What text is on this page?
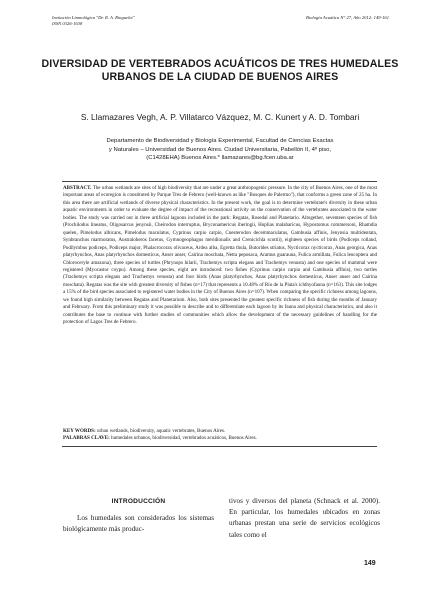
Invitación Limnológica "Dr. R. A. Ringuelet"
ISSN 0326-1638
Biología Acuática N° 27, Año 2012: 149-161
DIVERSIDAD DE VERTEBRADOS ACUÁTICOS DE TRES HUMEDALES URBANOS DE LA CIUDAD DE BUENOS AIRES
S. Llamazares Vegh, A. P. Villatarco Vázquez, M. C. Kunert y A. D. Tombari
Departamento de Biodiversidad y Biología Experimental, Facultad de Ciencias Exactas
y Naturales – Universidad de Buenos Aires. Ciudad Universitaria, Pabellón II, 4º piso,
(C1428EHA) Buenos Aires.* llamazares@bg.fcen.uba.ar
ABSTRACT. The urban wetlands are sites of high biodiversity that are under a great anthropogenic pressure. In the city of Buenos Aires, one of the most important areas of ecoregion is constituted by Parque Tres de Febrero (well-known as like "Bosques de Palermo"), that conforms a green zone of 25 ha. In this area there are artificial wetlands of diverse physical characteristics. In the present work, the goal is to determine vertebrate's diversity in these urban aquatic environments in order to evaluate the degree of impact of the recreational activity on the conservation of the vertebrates associated to the water bodies. The study was carried out in three artificial lagoons included in the park: Regatas, Rosedal and Planetario. Altogether, seventeen species of fish (Prochilodus lineatus, Oligosarcus jenynsii, Cheirodon interruptus, Bryconamericus iheringii, Hoplias malabaricus, Hypostomus commersoni, Rhamdia quelen, Pimelodus albicans, Pimelodus maculatus, Cyprinus carpio carpio, Cnesterodon decemmaculatus, Gambusia affinis, Jenynsia multidentata, Synbranchus marmoratus, Australoheros facetus, Gymnogeophagus meridionalis and Crenicichla scottii), eighteen species of birds (Podiceps rolland, Podilymbus podiceps, Podiceps major, Phalacrocorax olivaceus, Ardea alba, Egretta thula, Butorides striatus, Nycticorax nycticorax, Anas georgica, Anas platyrhynchos, Anas platyrhynchos domesticus, Anser anser, Cairina moschata, Netta peposaca, Aramus guarauna, Fulica armillata, Fulica leucoptera and Chloroceryle amazona), three species of turtles (Phrynops hilarii, Trachemys scripta elegans and Trachemys venusta) and one species of mammal were registered (Myocastor coypu). Among these species, eight are introduced: two fishes (Cyprinus carpio carpio and Gambusia affinis), two turtles (Trachemys scripta elegans and Trachemys venusta) and four birds (Anas platyrhynchos, Anas platyrhynchos domesticus, Anser anser and Cairina moschata). Regatas was the site with greatest diversity of fishes (n=17) that represents a 10.48% of Río de la Plata's ichthyofauna (n=163). This site lodges a 15% of the bird species associated to registered water bodies in the City of Buenos Aires (n=107). When comparing the specific richness among lagoons, we found high similarity between Regatas and Planetarium. Also, both sites presented the greatest specific richness of fish during the months of January and February. From this preliminary study it was possible to describe and to differentiate each lagoon by its fauna and physical characteristics, and also it contributes the base to continue with further studies of communities which allow the development of the necessary guidelines of handling for the protection of Lagos Tres de Febrero.
KEY WORDS: urban wetlands, biodiversity, aquatic vertebrates, Buenos Aires.
PALABRAS CLAVE: humedales urbanos, biodiversidad, vertebrados acuáticos, Buenos Aires.
INTRODUCCIÓN
Los humedales son considerados los sistemas biológicamente más produc-
tivos y diversos del planeta (Schnack et al. 2000). En particular, los humedales ubicados en zonas urbanas prestan una serie de servicios ecológicos tales como el
149
